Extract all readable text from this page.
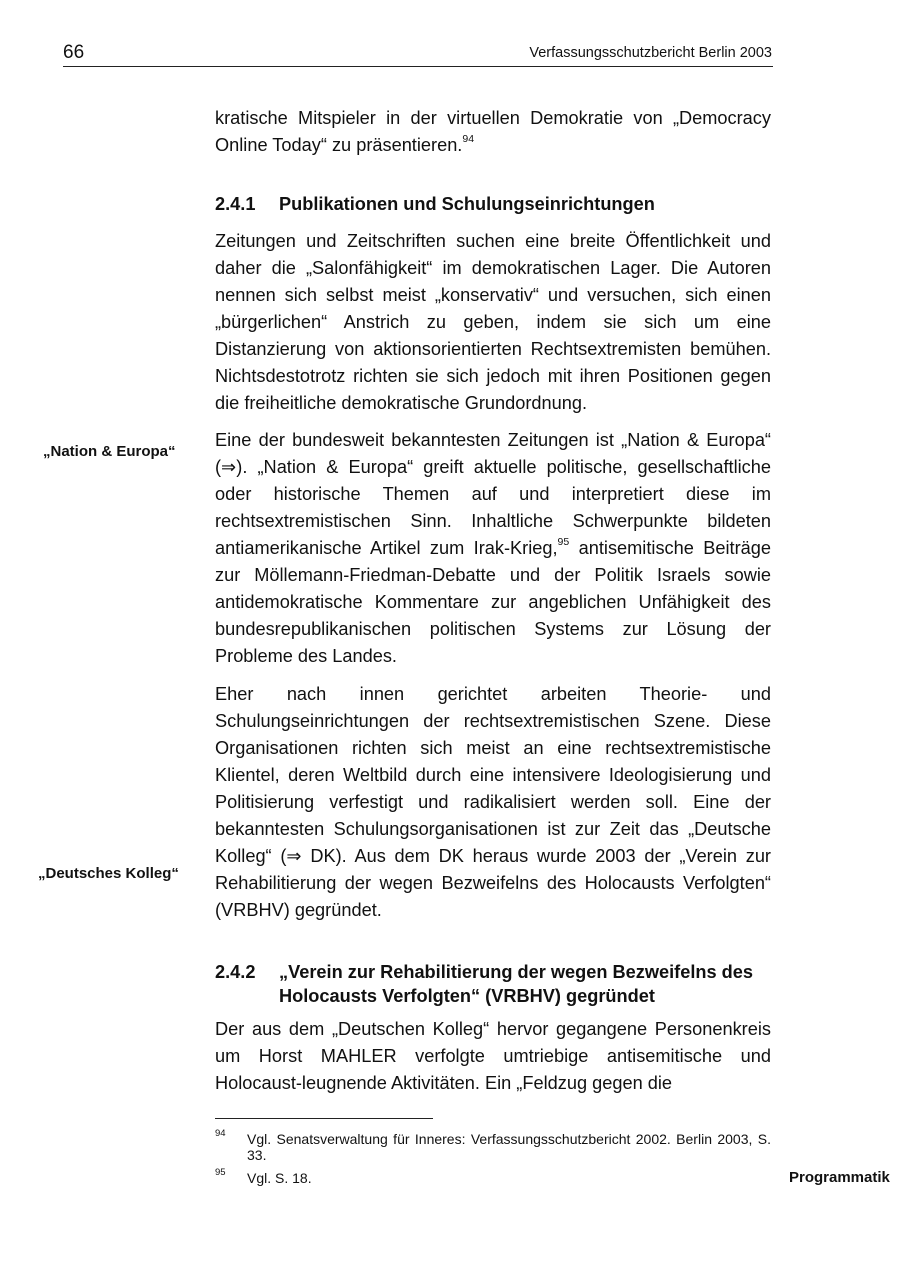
66	Verfassungsschutzbericht Berlin 2003

kratische Mitspieler in der virtuellen Demokratie von „Democracy Online Today“ zu präsentieren.$^{94}$

2.4.1	Publikationen und Schulungseinrichtungen

Zeitungen und Zeitschriften suchen eine breite Öffentlichkeit und daher die „Salonfähigkeit“ im demokratischen Lager. Die Autoren nennen sich selbst meist „konservativ“ und versuchen, sich einen „bürgerlichen“ Anstrich zu geben, indem sie sich um eine Distanzierung von aktionsorientierten Rechtsextremisten bemühen. Nichtsdestotrotz richten sie sich jedoch mit ihren Positionen gegen die freiheitliche demokratische Grundordnung.

„Nation & Europa“

Eine der bundesweit bekanntesten Zeitungen ist „Nation & Europa“ (⇒). „Nation & Europa“ greift aktuelle politische, gesellschaftliche oder historische Themen auf und interpretiert diese im rechtsextremistischen Sinn. Inhaltliche Schwerpunkte bildeten antiamerikanische Artikel zum Irak-Krieg,$^{95}$ antisemitische Beiträge zur Möllemann-Friedman-Debatte und der Politik Israels sowie antidemokratische Kommentare zur angeblichen Unfähigkeit des bundesrepublikanischen politischen Systems zur Lösung der Probleme des Landes.

Eher nach innen gerichtet arbeiten Theorie- und Schulungseinrichtungen der rechtsextremistischen Szene. Diese Organisationen richten sich meist an eine rechtsextremistische Klientel, deren Weltbild durch eine intensivere Ideologisierung und Politisierung verfestigt und radikalisiert werden soll. Eine der bekanntesten Schulungsorganisationen ist zur Zeit das „Deutsche Kolleg“ (⇒ DK). Aus dem DK heraus wurde 2003 der „Verein zur Rehabilitierung der wegen Bezweifelns des Holocausts Verfolgten“ (VRBHV) gegründet.

„Deutsches Kolleg“
2.4.2	„Verein zur Rehabilitierung der wegen Bezweifelns des Holocausts Verfolgten“ (VRBHV) gegründet

Der aus dem „Deutschen Kolleg“ hervor gegangene Personenkreis um Horst MAHLER verfolgte umtriebige antisemitische und Holocaust-leugnende Aktivitäten. Ein „Feldzug gegen die

94	Vgl. Senatsverwaltung für Inneres: Verfassungsschutzbericht 2002. Berlin 2003, S. 33.
95	Vgl. S. 18.	Programmatik
